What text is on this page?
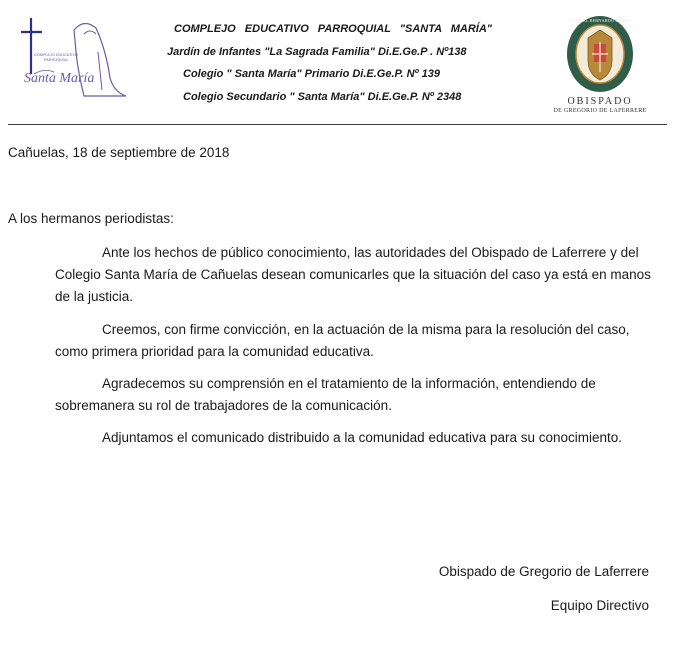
COMPLEJO EDUCATIVO
PARROQUIAL
Santa María
COMPLEJO EDUCATIVO PARROQUIAL "SANTA MARÍA"
Jardín de Infantes "La Sagrada Familia" Di.E.Ge.P . Nº138
Colegio " Santa María" Primario Di.E.Ge.P. Nº 139
Colegio Secundario " Santa María" Di.E.Ge.P. Nº 2348
GABRIEL BERNARDO BARBA
OBISPADO
DE GREGORIO DE LAFERRERE
Cañuelas, 18 de septiembre de 2018
A los hermanos periodistas:
Ante los hechos de público conocimiento, las autoridades del Obispado de Laferrere y del Colegio Santa María de Cañuelas desean comunicarles que la situación del caso ya está en manos de la justicia.
Creemos, con firme convicción, en la actuación de la misma para la resolución del caso, como primera prioridad para la comunidad educativa.
Agradecemos su comprensión en el tratamiento de la información, entendiendo de sobremanera su rol de trabajadores de la comunicación.
Adjuntamos el comunicado distribuido a la comunidad educativa para su conocimiento.
Obispado de Gregorio de Laferrere
Equipo Directivo
